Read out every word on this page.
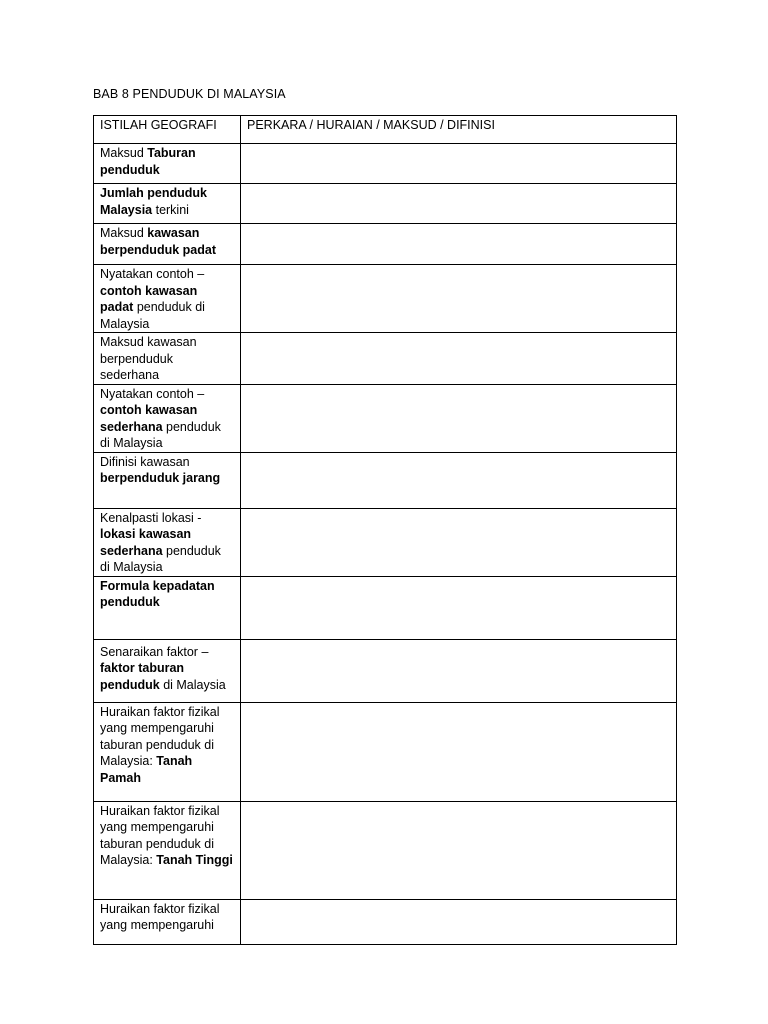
BAB 8 PENDUDUK DI MALAYSIA
ISTILAH GEOGRAFI	PERKARA / HURAIAN / MAKSUD / DIFINISI
Maksud Taburan penduduk	
Jumlah penduduk Malaysia terkini	
Maksud kawasan berpenduduk padat	
Nyatakan contoh – contoh kawasan padat penduduk di Malaysia	
Maksud kawasan berpenduduk sederhana	
Nyatakan contoh – contoh kawasan sederhana penduduk di Malaysia	
Difinisi kawasan berpenduduk jarang	
Kenalpasti lokasi - lokasi kawasan sederhana penduduk di Malaysia	
Formula kepadatan penduduk	
Senaraikan faktor – faktor taburan penduduk di Malaysia	
Huraikan faktor fizikal yang mempengaruhi taburan penduduk di Malaysia: Tanah Pamah	
Huraikan faktor fizikal yang mempengaruhi taburan penduduk di Malaysia: Tanah Tinggi	
Huraikan faktor fizikal yang mempengaruhi	
